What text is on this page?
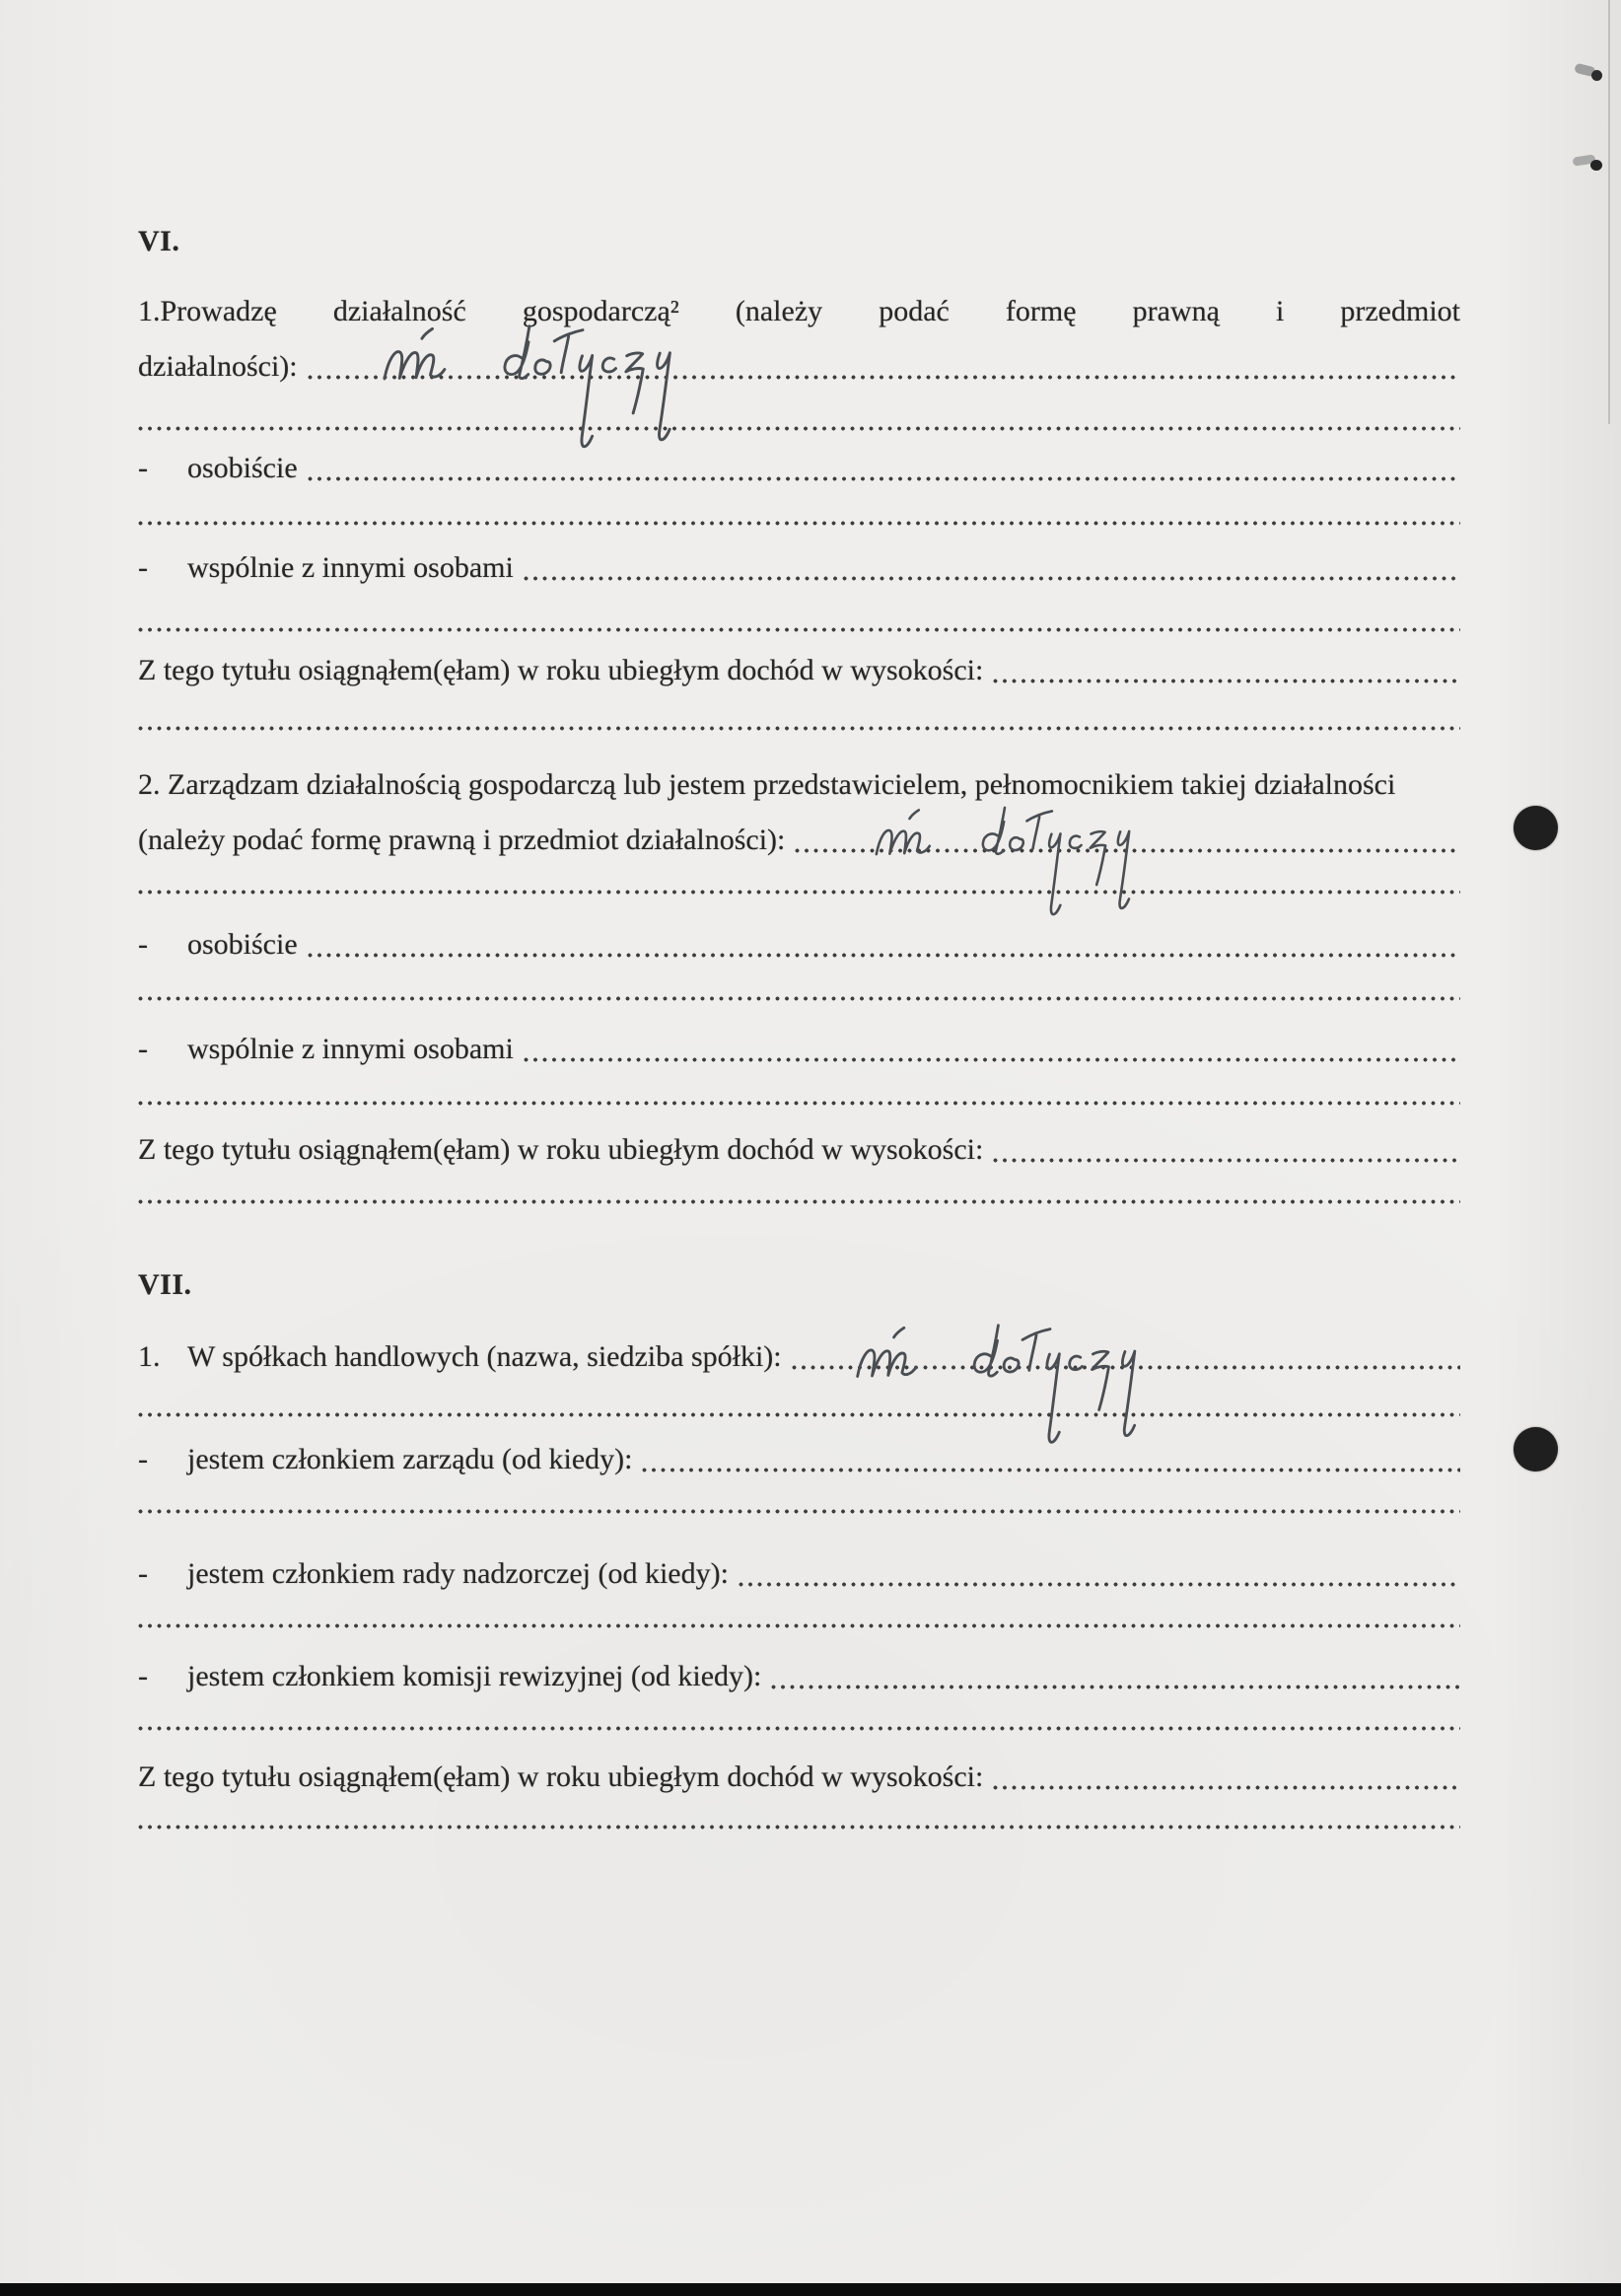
VI.
1.Prowadzę działalność gospodarczą² (należy podać formę prawną i przedmiot
działalności):
-	osobiście
-	wspólnie z innymi osobami
Z tego tytułu osiągnąłem(ęłam) w roku ubiegłym dochód w wysokości:
2. Zarządzam działalnością gospodarczą lub jestem przedstawicielem, pełnomocnikiem takiej działalności
(należy podać formę prawną i przedmiot działalności):
-	osobiście
-	wspólnie z innymi osobami
Z tego tytułu osiągnąłem(ęłam) w roku ubiegłym dochód w wysokości:
VII.
1. W spółkach handlowych (nazwa, siedziba spółki):
-	jestem członkiem zarządu (od kiedy):
-	jestem członkiem rady nadzorczej (od kiedy):
-	jestem członkiem komisji rewizyjnej (od kiedy):
Z tego tytułu osiągnąłem(ęłam) w roku ubiegłym dochód w wysokości:
